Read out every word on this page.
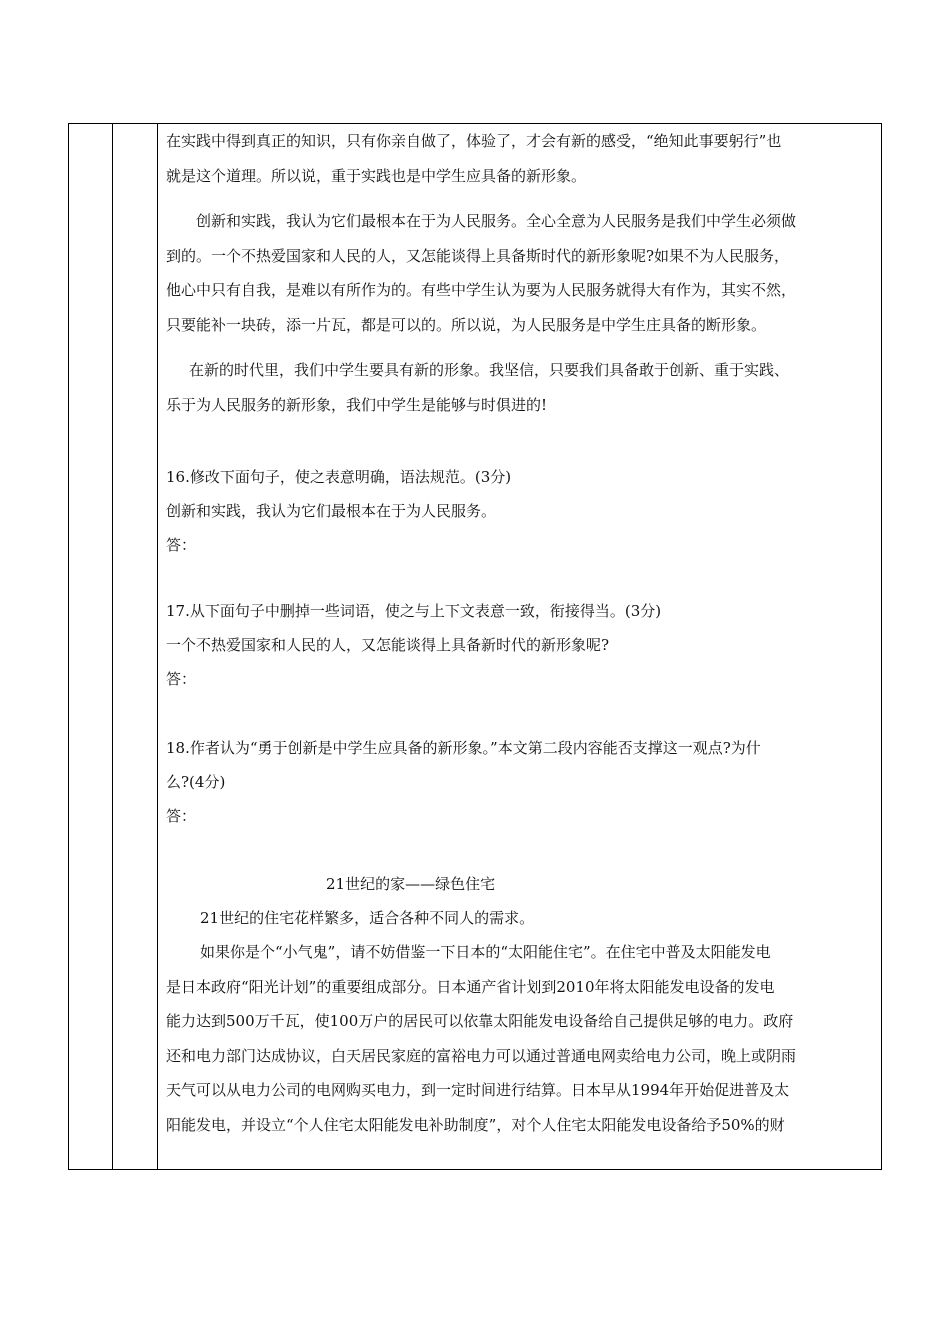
在实践中得到真正的知识，只有你亲自做了，体验了，才会有新的感受，“绝知此事要躬行”也

就是这个道理。所以说，重于实践也是中学生应具备的新形象。

创新和实践，我认为它们最根本在于为人民服务。全心全意为人民服务是我们中学生必须做

到的。一个不热爱国家和人民的人，又怎能谈得上具备斯时代的新形象呢?如果不为人民服务，

他心中只有自我，是难以有所作为的。有些中学生认为要为人民服务就得大有作为，其实不然，

只要能补一块砖，添一片瓦，都是可以的。所以说，为人民服务是中学生庄具备的断形象。

在新的时代里，我们中学生要具有新的形象。我坚信，只要我们具备敢于创新、重于实践、

乐于为人民服务的新形象，我们中学生是能够与时俱进的!

16.修改下面句子，使之表意明确，语法规范。(3分)

创新和实践，我认为它们最根本在于为人民服务。

答：

17.从下面句子中删掉一些词语，使之与上下文表意一致，衔接得当。(3分)

一个不热爱国家和人民的人，又怎能谈得上具备新时代的新形象呢?

答：

18.作者认为“勇于创新是中学生应具备的新形象。”本文第二段内容能否支撑这一观点?为什

么?(4分)

答：

21世纪的家——绿色住宅

21世纪的住宅花样繁多，适合各种不同人的需求。

如果你是个“小气鬼”，请不妨借鉴一下日本的“太阳能住宅”。在住宅中普及太阳能发电

是日本政府“阳光计划”的重要组成部分。日本通产省计划到2010年将太阳能发电设备的发电

能力达到500万千瓦，使100万户的居民可以依靠太阳能发电设备给自己提供足够的电力。政府

还和电力部门达成协议，白天居民家庭的富裕电力可以通过普通电网卖给电力公司，晚上或阴雨

天气可以从电力公司的电网购买电力，到一定时间进行结算。日本早从1994年开始促进普及太

阳能发电，并设立“个人住宅太阳能发电补助制度”，对个人住宅太阳能发电设备给予50%的财
